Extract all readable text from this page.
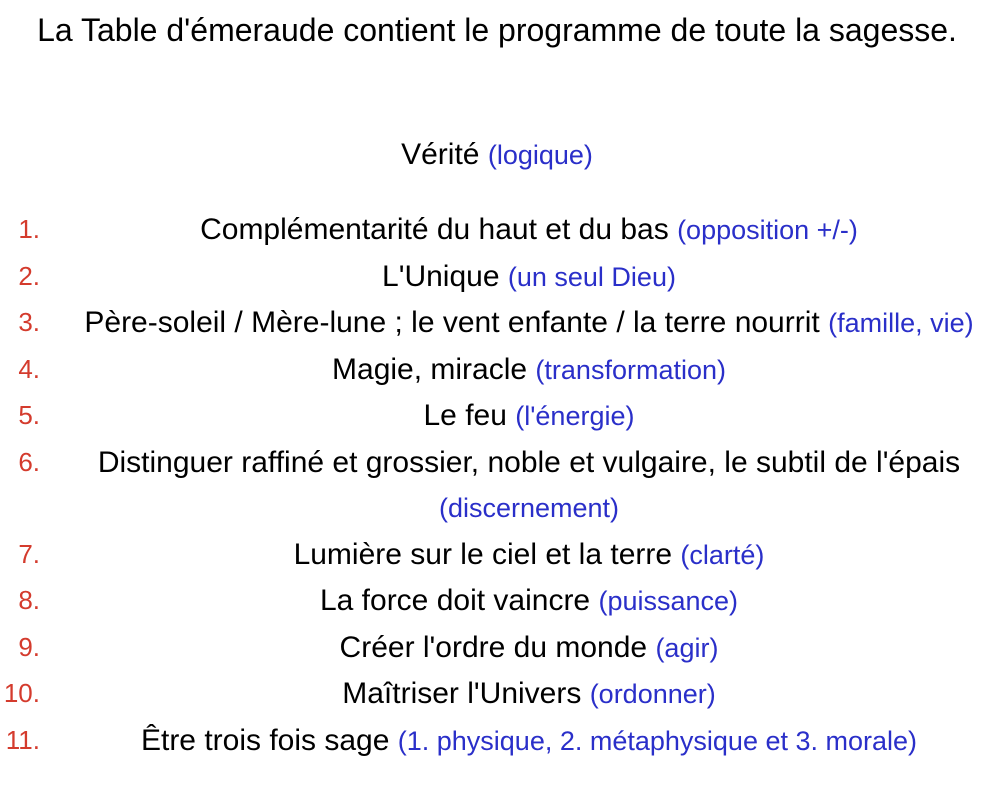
La Table d'émeraude contient le programme de toute la sagesse.
Vérité (logique)
1.	Complémentarité du haut et du bas (opposition +/-)
2.	L'Unique (un seul Dieu)
3. Père-soleil / Mère-lune ; le vent enfante / la terre nourrit (famille, vie)
4.	Magie, miracle (transformation)
5.	Le feu (l'énergie)
6. Distinguer raffiné et grossier, noble et vulgaire, le subtil de l'épais (discernement)
7.	Lumière sur le ciel et la terre (clarté)
8.	La force doit vaincre (puissance)
9.	Créer l'ordre du monde (agir)
10.	Maîtriser l'Univers (ordonner)
11.	Être trois fois sage (1. physique, 2. métaphysique et 3. morale)
